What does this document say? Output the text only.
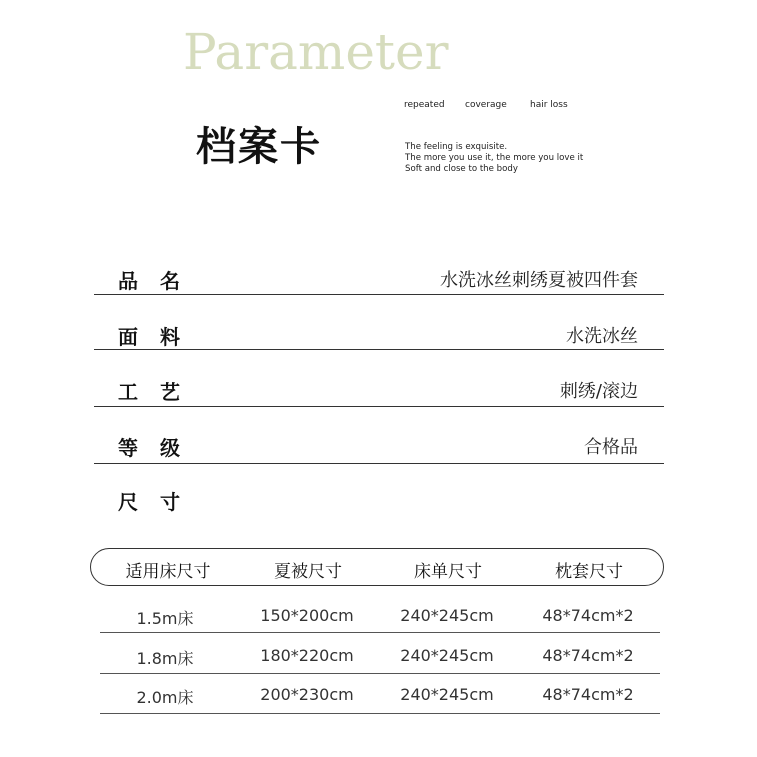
Parameter
档案卡
repeated coverage	hair loss
The feeling is exquisite.
The more you use it, the more you love it
Soft and close to the body
品名	水洗冰丝刺绣夏被四件套
面料	水洗冰丝
工艺	刺绣/滚边
等级	合格品
尺寸
适用床尺寸	夏被尺寸	床单尺寸	枕套尺寸
1.5m床	150*200cm	240*245cm	48*74cm*2
1.8m床	180*220cm	240*245cm	48*74cm*2
2.0m床	200*230cm	240*245cm	48*74cm*2
